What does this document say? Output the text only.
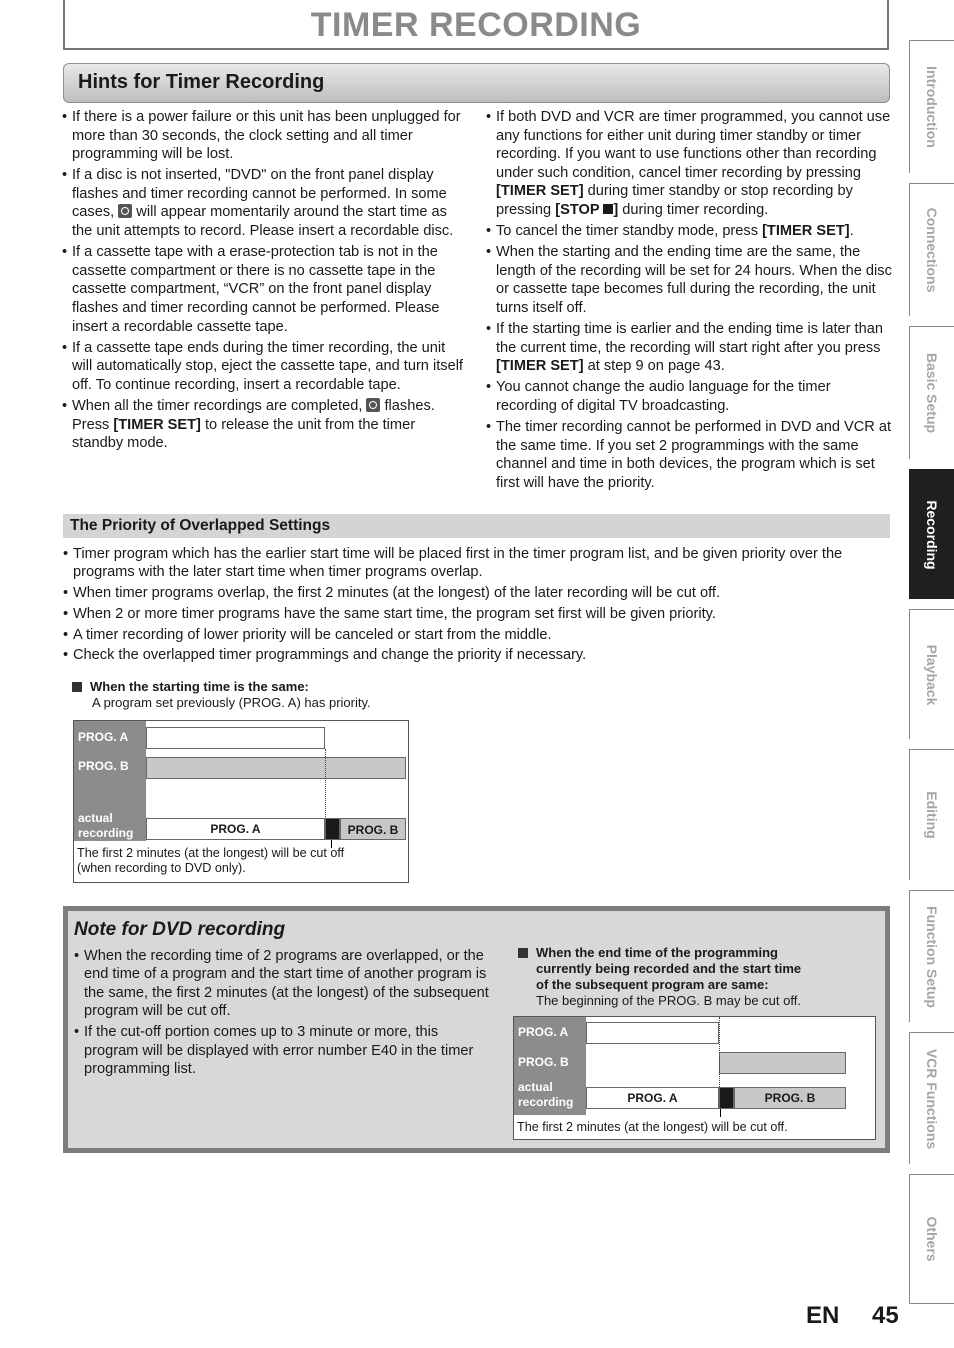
TIMER RECORDING
Hints for Timer Recording
• If there is a power failure or this unit has been unplugged for more than 30 seconds, the clock setting and all timer programming will be lost.
• If a disc is not inserted, "DVD" on the front panel display flashes and timer recording cannot be performed. In some cases,  will appear momentarily around the start time as the unit attempts to record. Please insert a recordable disc.
• If a cassette tape with a erase-protection tab is not in the cassette compartment or there is no cassette tape in the cassette compartment, “VCR” on the front panel display flashes and timer recording cannot be performed. Please insert a recordable cassette tape.
• If a cassette tape ends during the timer recording, the unit will automatically stop, eject the cassette tape, and turn itself off. To continue recording, insert a recordable tape.
• When all the timer recordings are completed,  flashes. Press [TIMER SET] to release the unit from the timer standby mode.
• If both DVD and VCR are timer programmed, you cannot use any functions for either unit during timer standby or timer recording. If you want to use functions other than recording under such condition, cancel timer recording by pressing [TIMER SET] during timer standby or stop recording by pressing [STOP ] during timer recording.
• To cancel the timer standby mode, press [TIMER SET].
• When the starting and the ending time are the same, the length of the recording will be set for 24 hours. When the disc or cassette tape becomes full during the recording, the unit turns itself off.
• If the starting time is earlier and the ending time is later than the current time, the recording will start right after you press [TIMER SET] at step 9 on page 43.
• You cannot change the audio language for the timer recording of digital TV broadcasting.
• The timer recording cannot be performed in DVD and VCR at the same time. If you set 2 programmings with the same channel and time in both devices, the program which is set first will have the priority.
The Priority of Overlapped Settings
• Timer program which has the earlier start time will be placed first in the timer program list, and be given priority over the programs with the later start time when timer programs overlap.
• When timer programs overlap, the first 2 minutes (at the longest) of the later recording will be cut off.
• When 2 or more timer programs have the same start time, the program set first will be given priority.
• A timer recording of lower priority will be canceled or start from the middle.
• Check the overlapped timer programmings and change the priority if necessary.
When the starting time is the same:
A program set previously (PROG. A) has priority.
PROG. A
PROG. B
actual
recording	PROG. A	PROG. B
The first 2 minutes (at the longest) will be cut off
(when recording to DVD only).
Note for DVD recording
• When the recording time of 2 programs are overlapped, or the end time of a program and the start time of another program is the same, the first 2 minutes (at the longest) of the subsequent program will be cut off.
• If the cut-off portion comes up to 3 minute or more, this program will be displayed with error number E40 in the timer programming list.
When the end time of the programming
currently being recorded and the start time
of the subsequent program are same:
The beginning of the PROG. B may be cut off.
PROG. A
PROG. B
actual
recording	PROG. A	PROG. B
The first 2 minutes (at the longest) will be cut off.
Introduction
Connections
Basic Setup
Recording
Playback
Editing
Function Setup
VCR Functions
Others
EN 45
